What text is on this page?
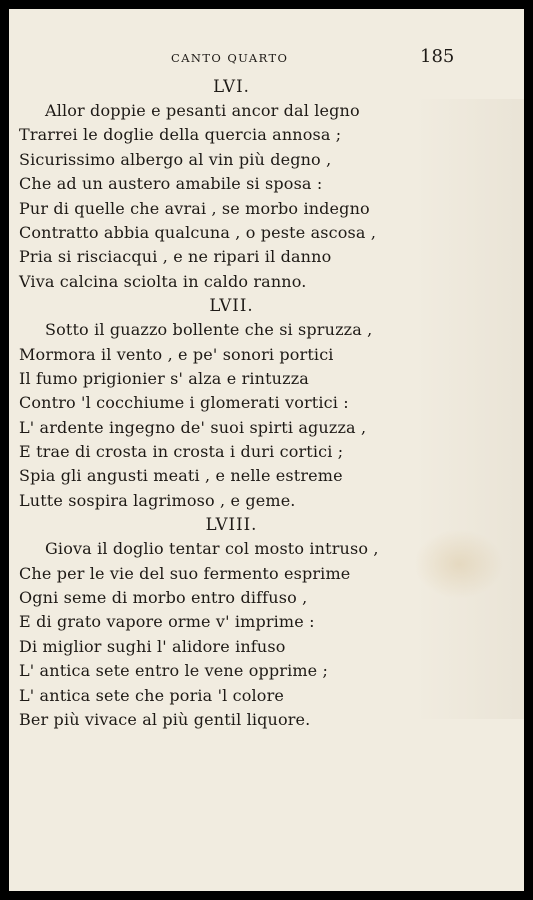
CANTO QUARTO	185
LVI.
Allor doppie e pesanti ancor dal legno
Trarrei le doglie della quercia annosa ;
Sicurissimo albergo al vin più degno ,
Che ad un austero amabile si sposa :
Pur di quelle che avrai , se morbo indegno
Contratto abbia qualcuna , o peste ascosa ,
Pria si risciacqui , e ne ripari il danno
Viva calcina sciolta in caldo ranno.
LVII.
Sotto il guazzo bollente che si spruzza ,
Mormora il vento , e pe' sonori portici
Il fumo prigionier s' alza e rintuzza
Contro 'l cocchiume i glomerati vortici :
L' ardente ingegno de' suoi spirti aguzza ,
E trae di crosta in crosta i duri cortici ;
Spia gli angusti meati , e nelle estreme
Lutte sospira lagrimoso , e geme.
LVIII.
Giova il doglio tentar col mosto intruso ,
Che per le vie del suo fermento esprime
Ogni seme di morbo entro diffuso ,
E di grato vapore orme v' imprime :
Di miglior sughi l' alidore infuso
L' antica sete entro le vene opprime ;
L' antica sete che poria 'l colore
Ber più vivace al più gentil liquore.
